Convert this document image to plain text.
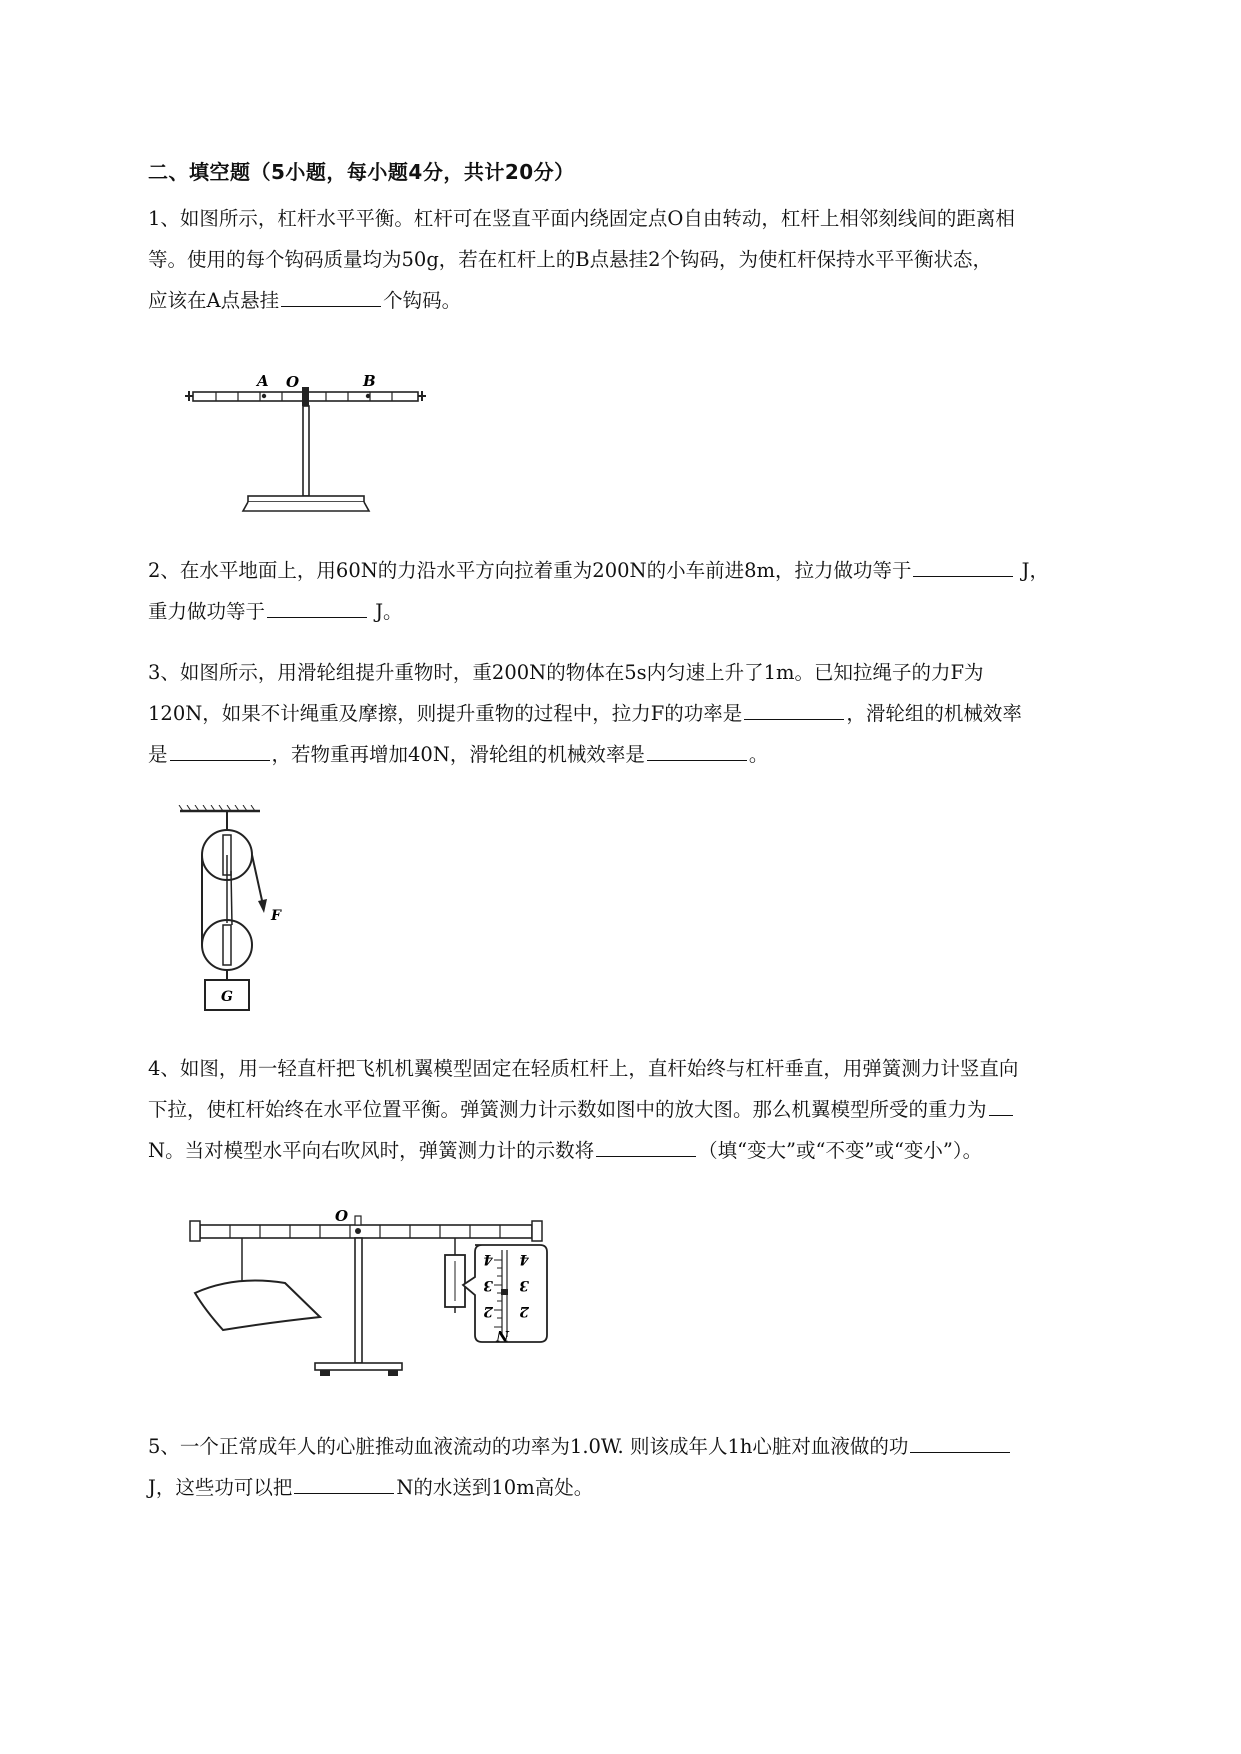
二、填空题（5小题，每小题4分，共计20分）

1、如图所示，杠杆水平平衡。杠杆可在竖直平面内绕固定点O自由转动，杠杆上相邻刻线间的距离相

等。使用的每个钩码质量均为50g，若在杠杆上的B点悬挂2个钩码，为使杠杆保持水平平衡状态，

应该在A点悬挂	个钩码。

A O	B

2、在水平地面上，用60N的力沿水平方向拉着重为200N的小车前进8m，拉力做功等于	J，

重力做功等于	J。

3、如图所示，用滑轮组提升重物时，重200N的物体在5s内匀速上升了1m。已知拉绳子的力F为

120N，如果不计绳重及摩擦，则提升重物的过程中，拉力F的功率是	，滑轮组的机械效率

是	，若物重再增加40N，滑轮组的机械效率是	。

F
G

4、如图，用一轻直杆把飞机机翼模型固定在轻质杠杆上，直杆始终与杠杆垂直，用弹簧测力计竖直向

下拉，使杠杆始终在水平位置平衡。弹簧测力计示数如图中的放大图。那么机翼模型所受的重力为

N。当对模型水平向右吹风时，弹簧测力计的示数将	（填“变大”或“不变”或“变小”）。

4
3
2
4
3
2
N
O

5、一个正常成年人的心脏推动血液流动的功率为1.0W. 则该成年人1h心脏对血液做的功

J，这些功可以把	N的水送到10m高处。
